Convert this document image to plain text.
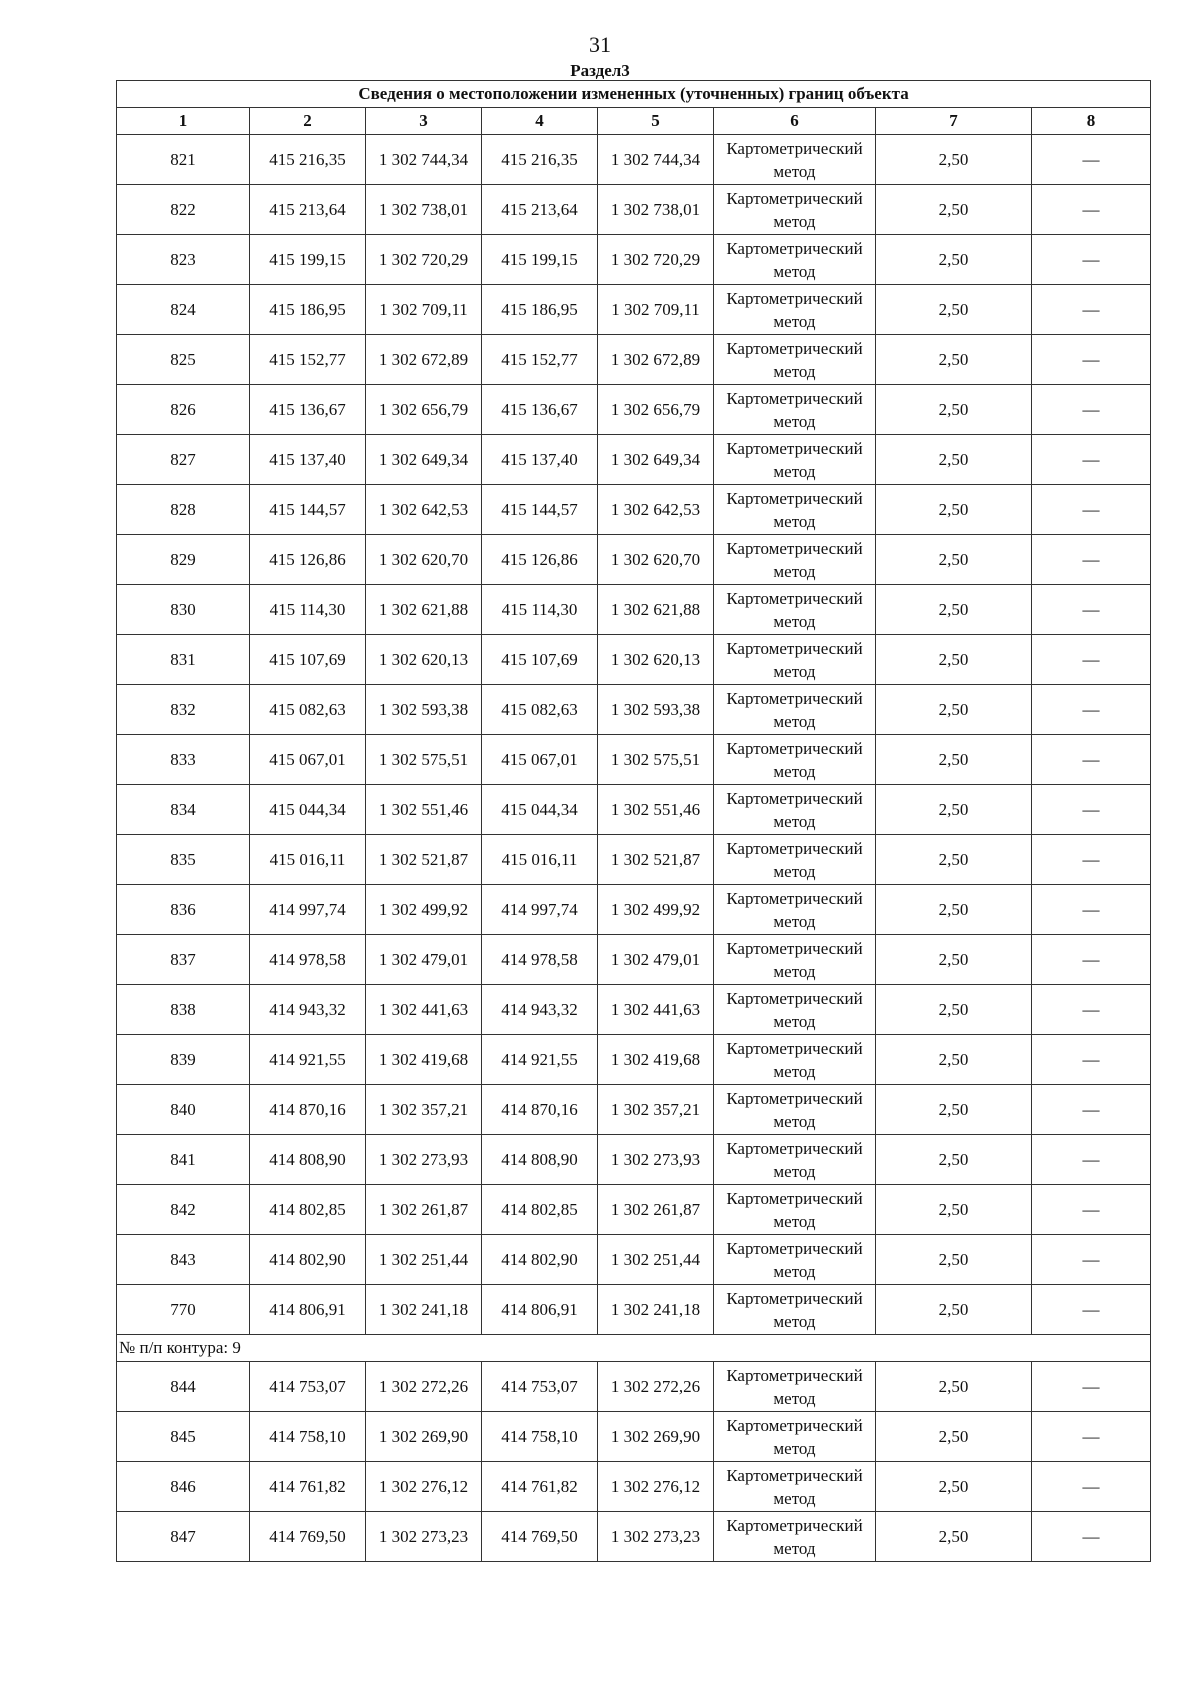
31
Раздел3
Сведения о местоположении измененных (уточненных) границ объекта							
1	2	3	4	5	6	7	8
821	415 216,35	1 302 744,34	415 216,35	1 302 744,34	Картометрический метод	2,50	—
822	415 213,64	1 302 738,01	415 213,64	1 302 738,01	Картометрический метод	2,50	—
823	415 199,15	1 302 720,29	415 199,15	1 302 720,29	Картометрический метод	2,50	—
824	415 186,95	1 302 709,11	415 186,95	1 302 709,11	Картометрический метод	2,50	—
825	415 152,77	1 302 672,89	415 152,77	1 302 672,89	Картометрический метод	2,50	—
826	415 136,67	1 302 656,79	415 136,67	1 302 656,79	Картометрический метод	2,50	—
827	415 137,40	1 302 649,34	415 137,40	1 302 649,34	Картометрический метод	2,50	—
828	415 144,57	1 302 642,53	415 144,57	1 302 642,53	Картометрический метод	2,50	—
829	415 126,86	1 302 620,70	415 126,86	1 302 620,70	Картометрический метод	2,50	—
830	415 114,30	1 302 621,88	415 114,30	1 302 621,88	Картометрический метод	2,50	—
831	415 107,69	1 302 620,13	415 107,69	1 302 620,13	Картометрический метод	2,50	—
832	415 082,63	1 302 593,38	415 082,63	1 302 593,38	Картометрический метод	2,50	—
833	415 067,01	1 302 575,51	415 067,01	1 302 575,51	Картометрический метод	2,50	—
834	415 044,34	1 302 551,46	415 044,34	1 302 551,46	Картометрический метод	2,50	—
835	415 016,11	1 302 521,87	415 016,11	1 302 521,87	Картометрический метод	2,50	—
836	414 997,74	1 302 499,92	414 997,74	1 302 499,92	Картометрический метод	2,50	—
837	414 978,58	1 302 479,01	414 978,58	1 302 479,01	Картометрический метод	2,50	—
838	414 943,32	1 302 441,63	414 943,32	1 302 441,63	Картометрический метод	2,50	—
839	414 921,55	1 302 419,68	414 921,55	1 302 419,68	Картометрический метод	2,50	—
840	414 870,16	1 302 357,21	414 870,16	1 302 357,21	Картометрический метод	2,50	—
841	414 808,90	1 302 273,93	414 808,90	1 302 273,93	Картометрический метод	2,50	—
842	414 802,85	1 302 261,87	414 802,85	1 302 261,87	Картометрический метод	2,50	—
843	414 802,90	1 302 251,44	414 802,90	1 302 251,44	Картометрический метод	2,50	—
770	414 806,91	1 302 241,18	414 806,91	1 302 241,18	Картометрический метод	2,50	—
№ п/п контура: 9							
844	414 753,07	1 302 272,26	414 753,07	1 302 272,26	Картометрический метод	2,50	—
845	414 758,10	1 302 269,90	414 758,10	1 302 269,90	Картометрический метод	2,50	—
846	414 761,82	1 302 276,12	414 761,82	1 302 276,12	Картометрический метод	2,50	—
847	414 769,50	1 302 273,23	414 769,50	1 302 273,23	Картометрический метод	2,50	—
